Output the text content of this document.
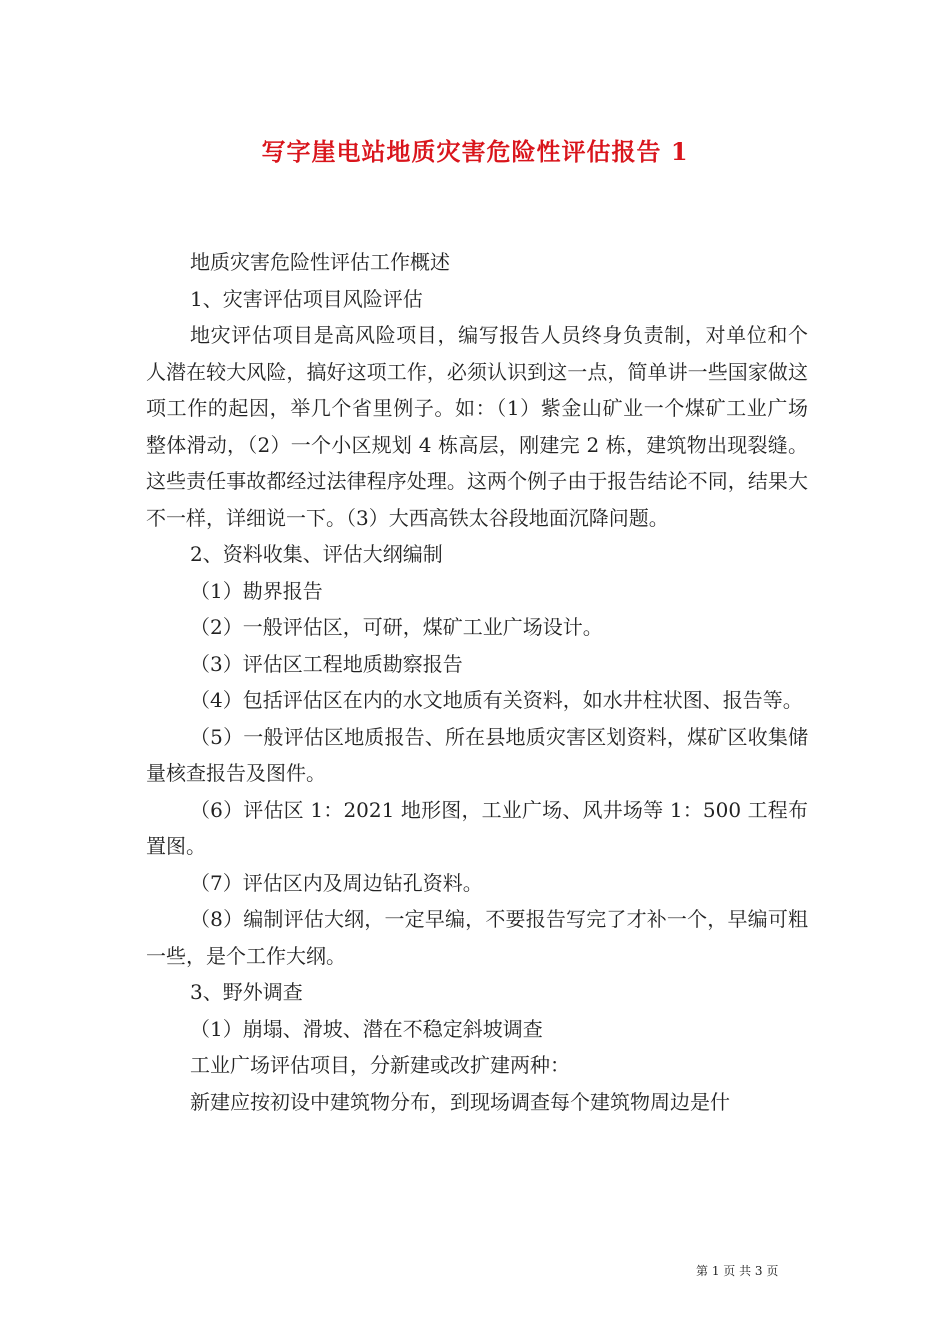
写字崖电站地质灾害危险性评估报告 1

地质灾害危险性评估工作概述

1、灾害评估项目风险评估

地灾评估项目是高风险项目，编写报告人员终身负责制，对单位和个人潜在较大风险，搞好这项工作，必须认识到这一点，简单讲一些国家做这项工作的起因，举几个省里例子。如：（1）紫金山矿业一个煤矿工业广场整体滑动，（2）一个小区规划 4 栋高层，刚建完 2 栋，建筑物出现裂缝。这些责任事故都经过法律程序处理。这两个例子由于报告结论不同，结果大不一样，详细说一下。（3）大西高铁太谷段地面沉降问题。

2、资料收集、评估大纲编制

（1）勘界报告

（2）一般评估区，可研，煤矿工业广场设计。

（3）评估区工程地质勘察报告

（4）包括评估区在内的水文地质有关资料，如水井柱状图、报告等。

（5）一般评估区地质报告、所在县地质灾害区划资料，煤矿区收集储量核查报告及图件。

（6）评估区 1：2021 地形图，工业广场、风井场等 1：500 工程布置图。

（7）评估区内及周边钻孔资料。

（8）编制评估大纲，一定早编，不要报告写完了才补一个，早编可粗一些，是个工作大纲。

3、野外调查

（1）崩塌、滑坡、潜在不稳定斜坡调查

工业广场评估项目，分新建或改扩建两种：

新建应按初设中建筑物分布，到现场调查每个建筑物周边是什

第 1 页 共 3 页
